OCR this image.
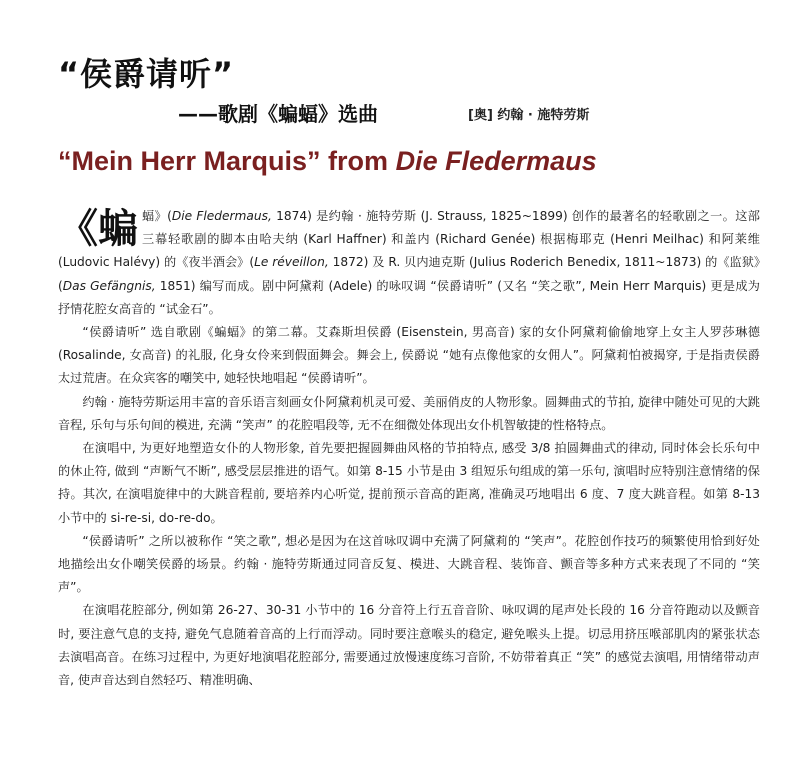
“侯爵请听”
——歌剧《蝙蝠》选曲	[奥] 约翰 · 施特劳斯
“Mein Herr Marquis” from Die Fledermaus

《蝙蝠》(Die Fledermaus, 1874) 是约翰 · 施特劳斯 (J. Strauss, 1825~1899) 创作的最著名的轻歌剧之一。这部三幕轻歌剧的脚本由哈夫纳 (Karl Haffner) 和盖内 (Richard Genée) 根据梅耶克 (Henri Meilhac) 和阿莱维 (Ludovic Halévy) 的《夜半酒会》(Le réveillon, 1872) 及 R. 贝内迪克斯 (Julius Roderich Benedix, 1811~1873) 的《监狱》(Das Gefängnis, 1851) 编写而成。剧中阿黛莉 (Adele) 的咏叹调 “侯爵请听” (又名 “笑之歌”, Mein Herr Marquis) 更是成为抒情花腔女高音的 “试金石”。

“侯爵请听” 选自歌剧《蝙蝠》的第二幕。艾森斯坦侯爵 (Eisenstein, 男高音) 家的女仆阿黛莉偷偷地穿上女主人罗莎琳德 (Rosalinde, 女高音) 的礼服, 化身女伶来到假面舞会。舞会上, 侯爵说 “她有点像他家的女佣人”。阿黛莉怕被揭穿, 于是指责侯爵太过荒唐。在众宾客的嘲笑中, 她轻快地唱起 “侯爵请听”。

约翰 · 施特劳斯运用丰富的音乐语言刻画女仆阿黛莉机灵可爱、美丽俏皮的人物形象。圆舞曲式的节拍, 旋律中随处可见的大跳音程, 乐句与乐句间的模进, 充满 “笑声” 的花腔唱段等, 无不在细微处体现出女仆机智敏捷的性格特点。

在演唱中, 为更好地塑造女仆的人物形象, 首先要把握圆舞曲风格的节拍特点, 感受 3/8 拍圆舞曲式的律动, 同时体会长乐句中的休止符, 做到 “声断气不断”, 感受层层推进的语气。如第 8-15 小节是由 3 组短乐句组成的第一乐句, 演唱时应特别注意情绪的保持。其次, 在演唱旋律中的大跳音程前, 要培养内心听觉, 提前预示音高的距离, 准确灵巧地唱出 6 度、7 度大跳音程。如第 8-13 小节中的 si-re-si, do-re-do。

“侯爵请听” 之所以被称作 “笑之歌”, 想必是因为在这首咏叹调中充满了阿黛莉的 “笑声”。花腔创作技巧的频繁使用恰到好处地描绘出女仆嘲笑侯爵的场景。约翰 · 施特劳斯通过同音反复、模进、大跳音程、装饰音、颤音等多种方式来表现了不同的 “笑声”。

在演唱花腔部分, 例如第 26-27、30-31 小节中的 16 分音符上行五音音阶、咏叹调的尾声处长段的 16 分音符跑动以及颤音时, 要注意气息的支持, 避免气息随着音高的上行而浮动。同时要注意喉头的稳定, 避免喉头上提。切忌用挤压喉部肌肉的紧张状态去演唱高音。在练习过程中, 为更好地演唱花腔部分, 需要通过放慢速度练习音阶, 不妨带着真正 “笑” 的感觉去演唱, 用情绪带动声音, 使声音达到自然轻巧、精准明确、
